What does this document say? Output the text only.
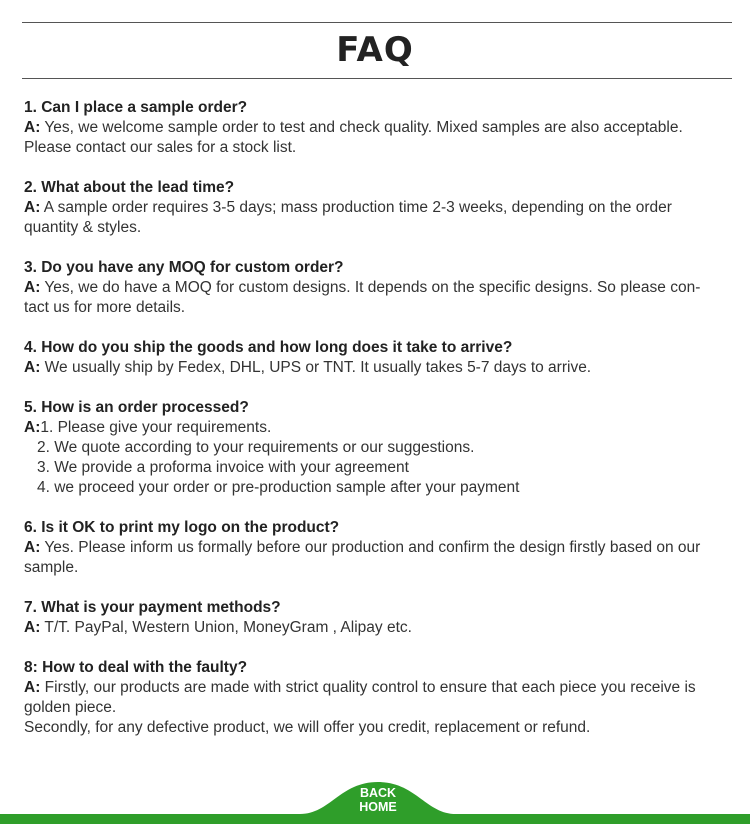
FAQ
1. Can I place a sample order?
A: Yes, we welcome sample order to test and check quality. Mixed samples are also acceptable.
Please contact our sales for a stock list.
2. What about the lead time?
A: A sample order requires 3-5 days; mass production time 2-3 weeks, depending on the order
quantity & styles.
3. Do you have any MOQ for custom order?
A: Yes, we do have a MOQ for custom designs. It depends on the specific designs. So please con-
tact us for more details.
4. How do you ship the goods and how long does it take to arrive?
A: We usually ship by Fedex, DHL, UPS or TNT. It usually takes 5-7 days to arrive.
5. How is an order processed?
A:1. Please give your requirements.
2. We quote according to your requirements or our suggestions.
3. We provide a proforma invoice with your agreement
4. we proceed your order or pre-production sample after your payment
6. Is it OK to print my logo on the product?
A: Yes. Please inform us formally before our production and confirm the design firstly based on our
sample.
7. What is your payment methods?
A: T/T. PayPal, Western Union, MoneyGram , Alipay etc.
8: How to deal with the faulty?
A: Firstly, our products are made with strict quality control to ensure that each piece you receive is
golden piece.
Secondly, for any defective product, we will offer you credit, replacement or refund.
BACK
HOME
